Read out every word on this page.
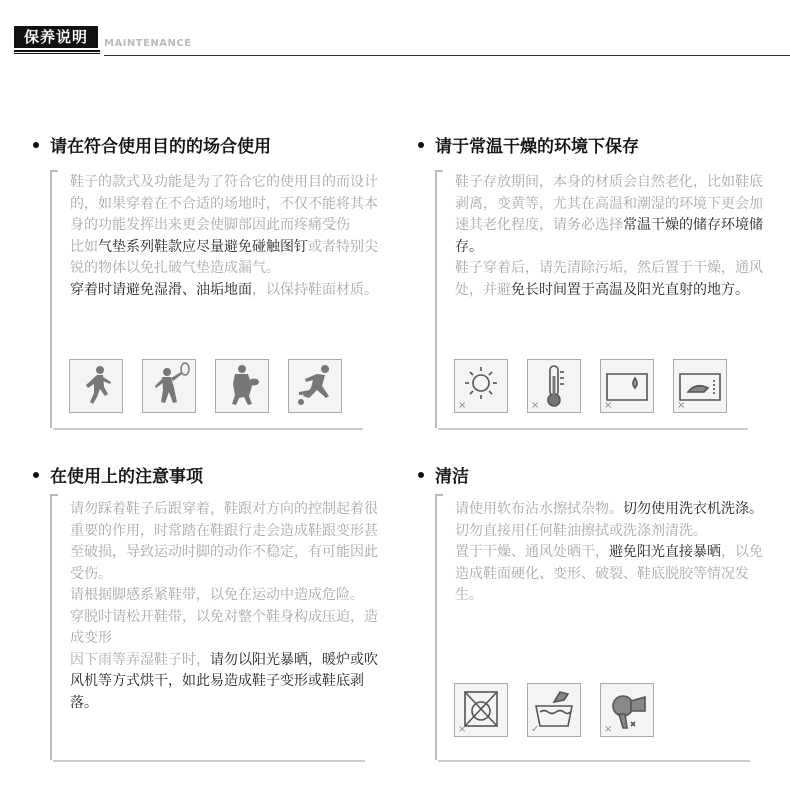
保养说明	MAINTENANCE
请在符合使用目的的场合使用

鞋子的款式及功能是为了符合它的使用目的而设计的，如果穿着在不合适的场地时，不仅不能将其本身的功能发挥出来更会使脚部因此而疼痛受伤

比如气垫系列鞋款应尽量避免碰触图钉或者特别尖锐的物体以免扎破气垫造成漏气。

穿着时请避免湿滑、油垢地面，以保持鞋面材质。

请于常温干燥的环境下保存

鞋子存放期间，本身的材质会自然老化，比如鞋底剥离，变黄等，尤其在高温和潮湿的环境下更会加速其老化程度，请务必选择常温干燥的储存环境储存。

鞋子穿着后，请先清除污垢，然后置于干燥，通风处，并避免长时间置于高温及阳光直射的地方。

×	×	×	×
在使用上的注意事项

请勿踩着鞋子后跟穿着，鞋跟对方向的控制起着很重要的作用，时常踏在鞋跟行走会造成鞋跟变形甚至破损，导致运动时脚的动作不稳定，有可能因此受伤。

请根据脚感系紧鞋带，以免在运动中造成危险。

穿脱时请松开鞋带，以免对整个鞋身构成压迫，造成变形

因下雨等弄湿鞋子时，请勿以阳光暴晒，暖炉或吹风机等方式烘干，如此易造成鞋子变形或鞋底剥落。

清洁

请使用软布沾水擦拭杂物。切勿使用洗衣机洗涤。切勿直接用任何鞋油擦拭或洗涤剂清洗。

置于干燥、通风处晒干，避免阳光直接暴晒，以免造成鞋面硬化、变形、破裂、鞋底脱胶等情况发生。

×	✓	×
